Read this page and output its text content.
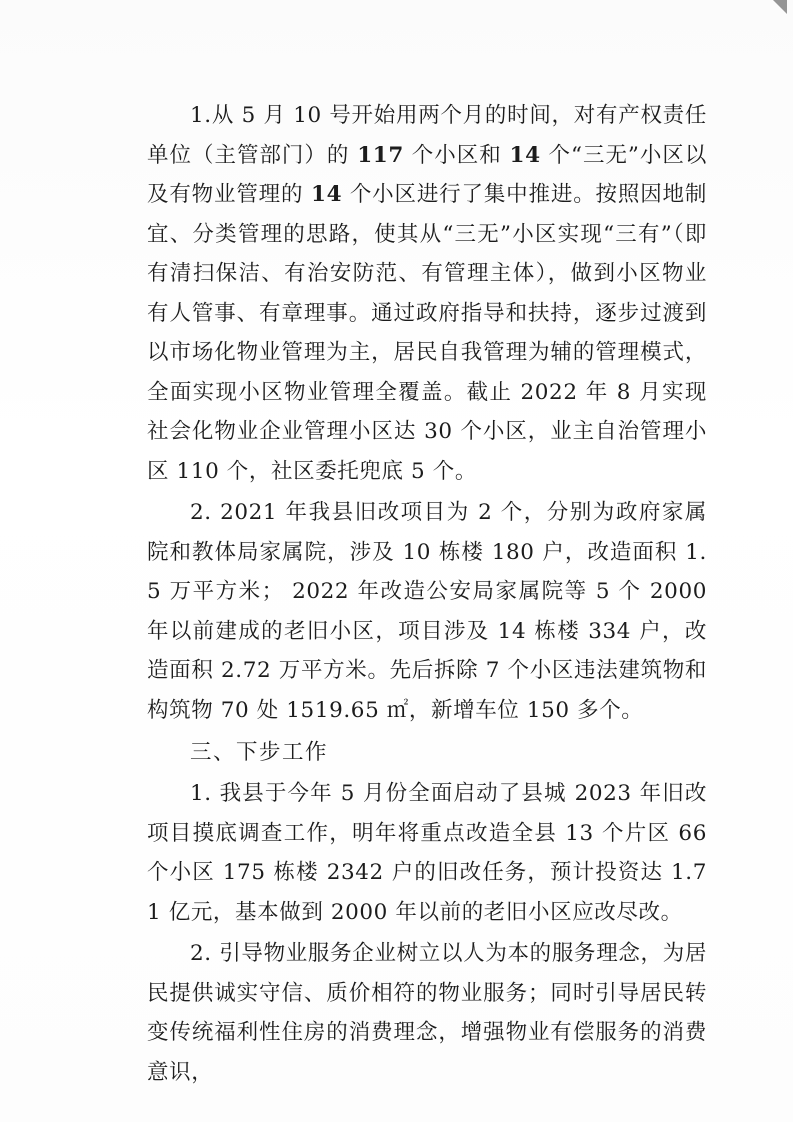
1.从 5 月 10 号开始用两个月的时间，对有产权责任单位（主管部门）的 117 个小区和 14 个“三无”小区以及有物业管理的 14 个小区进行了集中推进。按照因地制宜、分类管理的思路，使其从“三无”小区实现“三有”（即有清扫保洁、有治安防范、有管理主体），做到小区物业有人管事、有章理事。通过政府指导和扶持，逐步过渡到以市场化物业管理为主，居民自我管理为辅的管理模式，全面实现小区物业管理全覆盖。截止 2022 年 8 月实现社会化物业企业管理小区达 30 个小区，业主自治管理小区 110 个，社区委托兜底 5 个。

2. 2021 年我县旧改项目为 2 个，分别为政府家属院和教体局家属院，涉及 10 栋楼 180 户，改造面积 1.5 万平方米； 2022 年改造公安局家属院等 5 个 2000 年以前建成的老旧小区，项目涉及 14 栋楼 334 户，改造面积 2.72 万平方米。先后拆除 7 个小区违法建筑物和构筑物 70 处 1519.65 ㎡，新增车位 150 多个。

三、下步工作

1. 我县于今年 5 月份全面启动了县城 2023 年旧改项目摸底调查工作，明年将重点改造全县 13 个片区 66 个小区 175 栋楼 2342 户的旧改任务，预计投资达 1.71 亿元，基本做到 2000 年以前的老旧小区应改尽改。

2. 引导物业服务企业树立以人为本的服务理念，为居民提供诚实守信、质价相符的物业服务；同时引导居民转变传统福利性住房的消费理念，增强物业有偿服务的消费意识，
